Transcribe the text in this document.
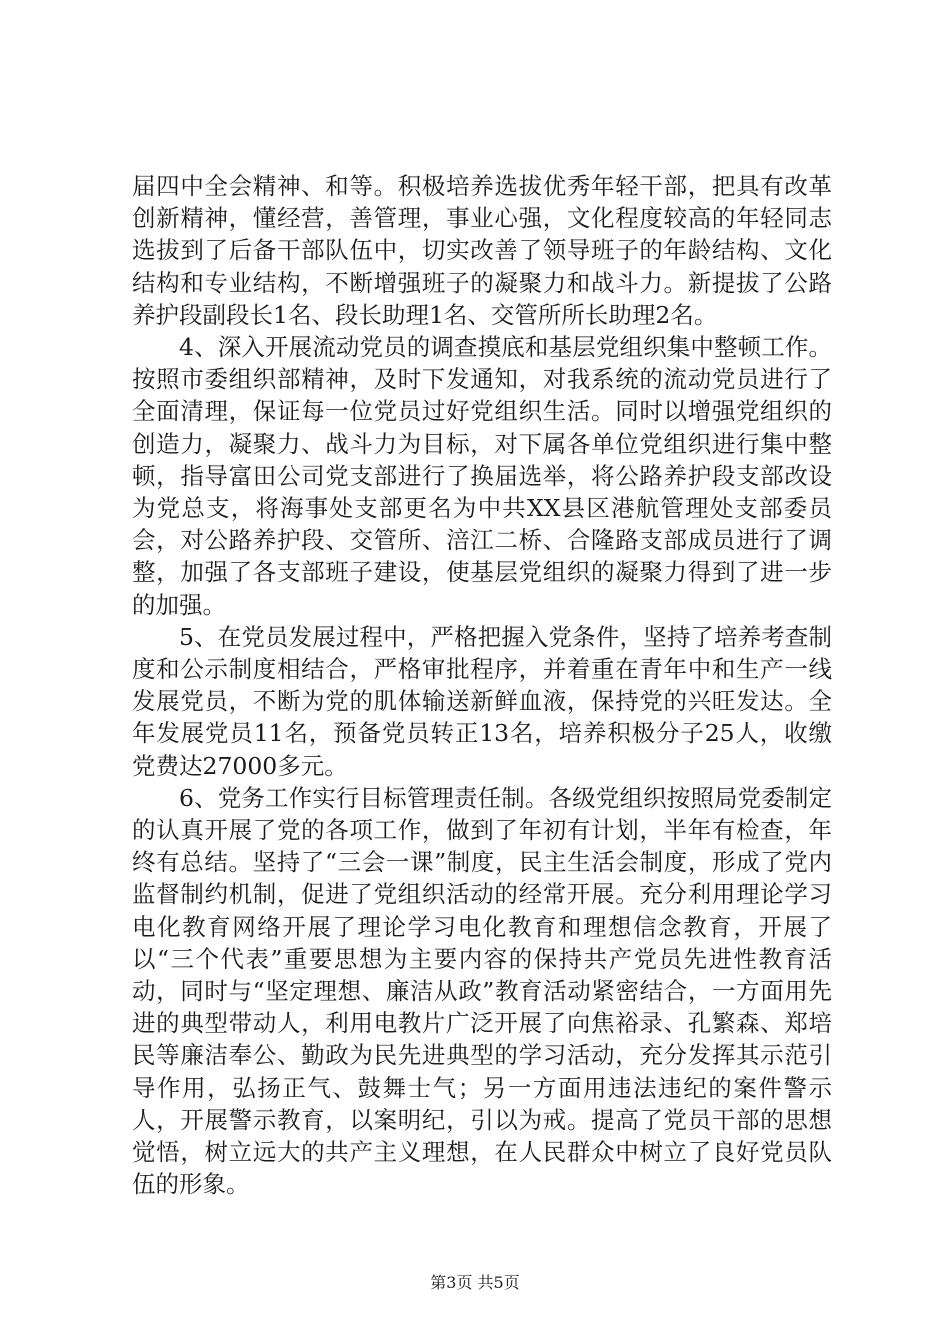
届四中全会精神、和等。积极培养选拔优秀年轻干部，把具有改革创新精神，懂经营，善管理，事业心强，文化程度较高的年轻同志选拔到了后备干部队伍中，切实改善了领导班子的年龄结构、文化结构和专业结构，不断增强班子的凝聚力和战斗力。新提拔了公路养护段副段长1名、段长助理1名、交管所所长助理2名。

4、深入开展流动党员的调查摸底和基层党组织集中整顿工作。按照市委组织部精神，及时下发通知，对我系统的流动党员进行了全面清理，保证每一位党员过好党组织生活。同时以增强党组织的创造力，凝聚力、战斗力为目标，对下属各单位党组织进行集中整顿，指导富田公司党支部进行了换届选举，将公路养护段支部改设为党总支，将海事处支部更名为中共XX县区港航管理处支部委员会，对公路养护段、交管所、涪江二桥、合隆路支部成员进行了调整，加强了各支部班子建设，使基层党组织的凝聚力得到了进一步的加强。

5、在党员发展过程中，严格把握入党条件，坚持了培养考查制度和公示制度相结合，严格审批程序，并着重在青年中和生产一线发展党员，不断为党的肌体输送新鲜血液，保持党的兴旺发达。全年发展党员11名，预备党员转正13名，培养积极分子25人，收缴党费达27000多元。

6、党务工作实行目标管理责任制。各级党组织按照局党委制定的认真开展了党的各项工作，做到了年初有计划，半年有检查，年终有总结。坚持了“三会一课”制度，民主生活会制度，形成了党内监督制约机制，促进了党组织活动的经常开展。充分利用理论学习电化教育网络开展了理论学习电化教育和理想信念教育，开展了以“三个代表”重要思想为主要内容的保持共产党员先进性教育活动，同时与“坚定理想、廉洁从政”教育活动紧密结合，一方面用先进的典型带动人，利用电教片广泛开展了向焦裕录、孔繁森、郑培民等廉洁奉公、勤政为民先进典型的学习活动，充分发挥其示范引导作用，弘扬正气、鼓舞士气；另一方面用违法违纪的案件警示人，开展警示教育，以案明纪，引以为戒。提高了党员干部的思想觉悟，树立远大的共产主义理想，在人民群众中树立了良好党员队伍的形象。

第3页 共5页
